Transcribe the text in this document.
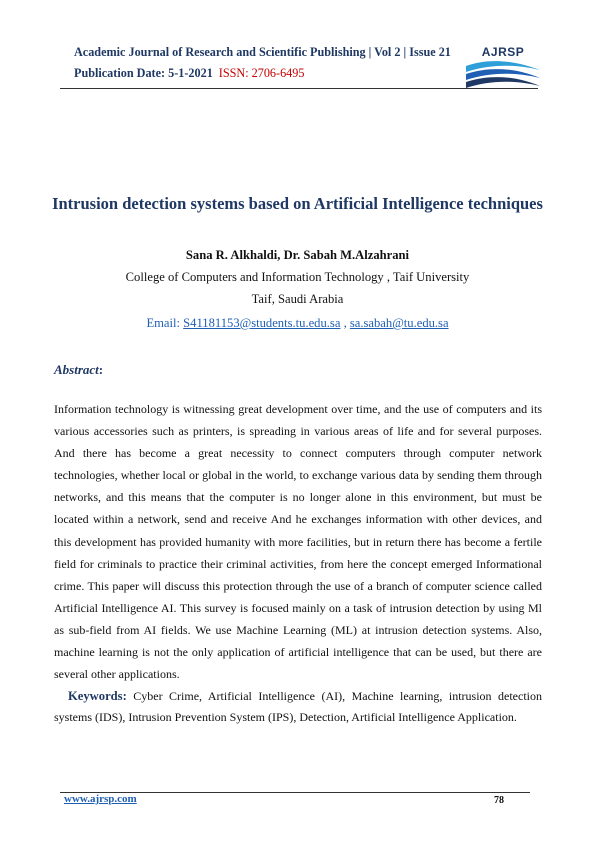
Academic Journal of Research and Scientific Publishing | Vol 2 | Issue 21
Publication Date: 5-1-2021 ISSN: 2706-6495
AJRSP
Intrusion detection systems based on Artificial Intelligence techniques
Sana R. Alkhaldi, Dr. Sabah M.Alzahrani
College of Computers and Information Technology , Taif University
Taif, Saudi Arabia
Email: S41181153@students.tu.edu.sa , sa.sabah@tu.edu.sa
Abstract:
Information technology is witnessing great development over time, and the use of computers and its various accessories such as printers, is spreading in various areas of life and for several purposes. And there has become a great necessity to connect computers through computer network technologies, whether local or global in the world, to exchange various data by sending them through networks, and this means that the computer is no longer alone in this environment, but must be located within a network, send and receive And he exchanges information with other devices, and this development has provided humanity with more facilities, but in return there has become a fertile field for criminals to practice their criminal activities, from here the concept emerged Informational crime. This paper will discuss this protection through the use of a branch of computer science called Artificial Intelligence AI. This survey is focused mainly on a task of intrusion detection by using Ml as sub-field from AI fields. We use Machine Learning (ML) at intrusion detection systems. Also, machine learning is not the only application of artificial intelligence that can be used, but there are several other applications.
Keywords: Cyber Crime, Artificial Intelligence (AI), Machine learning, intrusion detection systems (IDS), Intrusion Prevention System (IPS), Detection, Artificial Intelligence Application.
www.ajrsp.com	78
